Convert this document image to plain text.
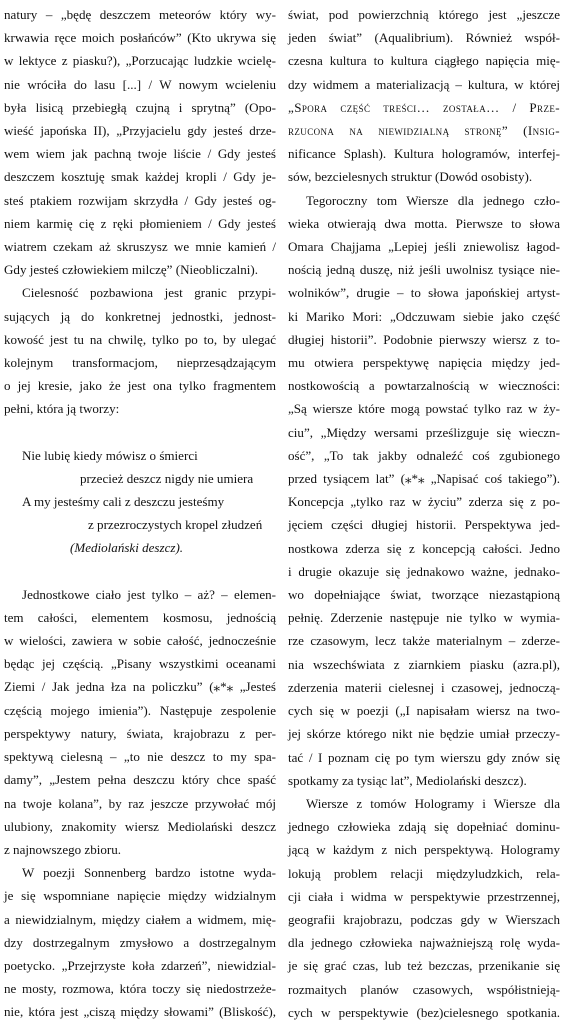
natury – „będę deszczem meteorów który wy-
krwawia ręce moich posłańców” (Kto ukrywa się
w lektyce z piasku?), „Porzucając ludzkie wcielę-
nie wróciła do lasu [...] / W nowym wcieleniu
była lisicą przebiegłą czujną i sprytną” (Opo-
wieść japońska II), „Przyjacielu gdy jesteś drze-
wem wiem jak pachną twoje liście / Gdy jesteś
deszczem kosztuję smak każdej kropli / Gdy je-
steś ptakiem rozwijam skrzydła / Gdy jesteś og-
niem karmię cię z ręki płomieniem / Gdy jesteś
wiatrem czekam aż skruszysz we mnie kamień /
Gdy jesteś człowiekiem milczę” (Nieobliczalni).

Cielesność pozbawiona jest granic przypi-
sujących ją do konkretnej jednostki, jednost-
kowość jest tu na chwilę, tylko po to, by ulegać
kolejnym transformacjom, nieprzesądzającym
o jej kresie, jako że jest ona tylko fragmentem
pełni, która ją tworzy:

Nie lubię kiedy mówisz o śmierci
przecież deszcz nigdy nie umiera
A my jesteśmy cali z deszczu jesteśmy
z przezroczystych kropel złudzeń
(Mediolański deszcz).

Jednostkowe ciało jest tylko – aż? – elemen-
tem całości, elementem kosmosu, jednością
w wielości, zawiera w sobie całość, jednocześnie
będąc jej częścią. „Pisany wszystkimi oceanami
Ziemi / Jak jedna łza na policzku” (⁎*⁎ „Jesteś
częścią mojego imienia”). Następuje zespolenie
perspektywy natury, świata, krajobrazu z per-
spektywą cielesną – „to nie deszcz to my spa-
damy”, „Jestem pełna deszczu który chce spaść
na twoje kolana”, by raz jeszcze przywołać mój
ulubiony, znakomity wiersz Mediolański deszcz
z najnowszego zbioru.

W poezji Sonnenberg bardzo istotne wyda-
je się wspomniane napięcie między widzialnym
a niewidzialnym, między ciałem a widmem, mię-
dzy dostrzegalnym zmysłowo a dostrzegalnym
poetycko. „Przejrzyste koła zdarzeń”, niewidzial-
ne mosty, rozmowa, która toczy się niedostrzeże-
nie, która jest „ciszą między słowami” (Bliskość),

świat, pod powierzchnią którego jest „jeszcze
jeden świat” (Aqualibrium). Również współ-
czesna kultura to kultura ciągłego napięcia mię-
dzy widmem a materializacją – kultura, w której
„Spora część treści… została… / Prze-
rzucona na niewidzialną stronę” (Insig-
nificance Splash). Kultura hologramów, interfej-
sów, bezcielesnych struktur (Dowód osobisty).

Tegoroczny tom Wiersze dla jednego czło-
wieka otwierają dwa motta. Pierwsze to słowa
Omara Chajjama „Lepiej jeśli zniewolisz łagod-
nością jedną duszę, niż jeśli uwolnisz tysiące nie-
wolników”, drugie – to słowa japońskiej artyst-
ki Mariko Mori: „Odczuwam siebie jako część
długiej historii”. Podobnie pierwszy wiersz z to-
mu otwiera perspektywę napięcia między jed-
nostkowością a powtarzalnością w wieczności:
„Są wiersze które mogą powstać tylko raz w ży-
ciu”, „Między wersami prześlizguje się wieczn-
ość”, „To tak jakby odnaleźć coś zgubionego
przed tysiącem lat” (⁎*⁎ „Napisać coś takiego”).
Koncepcja „tylko raz w życiu” zderza się z po-
jęciem części długiej historii. Perspektywa jed-
nostkowa zderza się z koncepcją całości. Jedno
i drugie okazuje się jednakowo ważne, jednako-
wo dopełniające świat, tworzące niezastąpioną
pełnię. Zderzenie następuje nie tylko w wymia-
rze czasowym, lecz także materialnym – zderze-
nia wszechświata z ziarnkiem piasku (azra.pl),
zderzenia materii cielesnej i czasowej, jednoczą-
cych się w poezji („I napisałam wiersz na two-
jej skórze którego nikt nie będzie umiał przeczy-
tać / I poznam cię po tym wierszu gdy znów się
spotkamy za tysiąc lat”, Mediolański deszcz).

Wiersze z tomów Hologramy i Wiersze dla
jednego człowieka zdają się dopełniać dominu-
jącą w każdym z nich perspektywą. Hologramy
lokują problem relacji międzyludzkich, rela-
cji ciała i widma w perspektywie przestrzennej,
geografii krajobrazu, podczas gdy w Wierszach
dla jednego człowieka najważniejszą rolę wyda-
je się grać czas, lub też bezczas, przenikanie się
rozmaitych planów czasowych, współistnieją-
cych w perspektywie (bez)cielesnego spotkania.
